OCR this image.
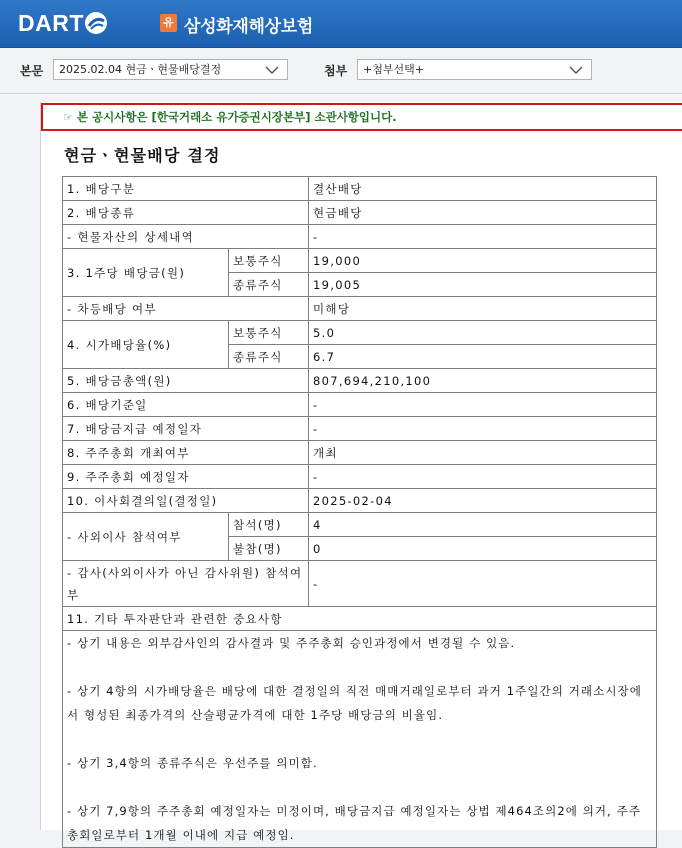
DART	유 삼성화재해상보험
본문	2025.02.04 현금ㆍ현물배당결정	첨부	+첨부선택+
☞ 본 공시사항은 [한국거래소 유가증권시장본부] 소관사항입니다.
현금ㆍ현물배당 결정
1. 배당구분		결산배당
2. 배당종류		현금배당
- 현물자산의 상세내역		-
3. 1주당 배당금(원)	보통주식	19,000
	종류주식	19,005
- 차등배당 여부		미해당
4. 시가배당율(%)	보통주식	5.0
	종류주식	6.7
5. 배당금총액(원)		807,694,210,100
6. 배당기준일		-
7. 배당금지급 예정일자		-
8. 주주총회 개최여부		개최
9. 주주총회 예정일자		-
10. 이사회결의일(결정일)		2025-02-04
- 사외이사 참석여부	참석(명)	4
	불참(명)	0
- 감사(사외이사가 아닌 감사위원) 참석여부		-
11. 기타 투자판단과 관련한 중요사항		

- 상기 내용은 외부감사인의 감사결과 및 주주총회 승인과정에서 변경될 수 있음.

- 상기 4항의 시가배당율은 배당에 대한 결정일의 직전 매매거래일로부터 과거 1주일간의 거래소시장에서 형성된 최종가격의 산술평균가격에 대한 1주당 배당금의 비율임.

- 상기 3,4항의 종류주식은 우선주를 의미함.

- 상기 7,9항의 주주총회 예정일자는 미정이며, 배당금지급 예정일자는 상법 제464조의2에 의거, 주주총회일로부터 1개월 이내에 지급 예정임.		
